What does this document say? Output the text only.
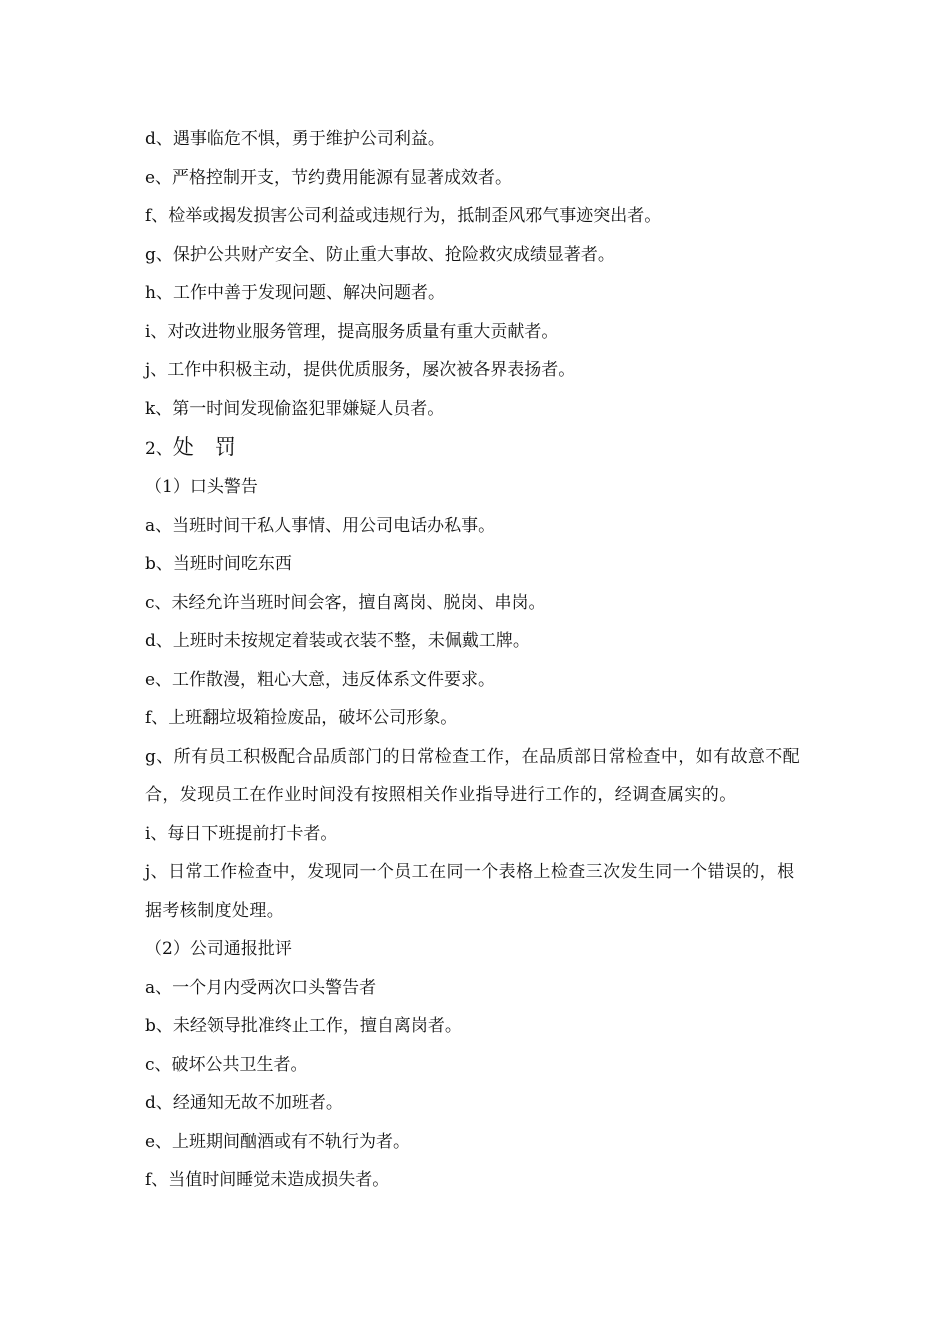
d、遇事临危不惧，勇于维护公司利益。
e、严格控制开支，节约费用能源有显著成效者。
f、检举或揭发损害公司利益或违规行为，抵制歪风邪气事迹突出者。
g、保护公共财产安全、防止重大事故、抢险救灾成绩显著者。
h、工作中善于发现问题、解决问题者。
i、对改进物业服务管理，提高服务质量有重大贡献者。
j、工作中积极主动，提供优质服务，屡次被各界表扬者。
k、第一时间发现偷盗犯罪嫌疑人员者。
2、处　罚
（1）口头警告
a、当班时间干私人事情、用公司电话办私事。
b、当班时间吃东西
c、未经允许当班时间会客，擅自离岗、脱岗、串岗。
d、上班时未按规定着装或衣装不整，未佩戴工牌。
e、工作散漫，粗心大意，违反体系文件要求。
f、上班翻垃圾箱捡废品，破坏公司形象。
g、所有员工积极配合品质部门的日常检查工作，在品质部日常检查中，如有故意不配合，发现员工在作业时间没有按照相关作业指导进行工作的，经调查属实的。
i、每日下班提前打卡者。
j、日常工作检查中，发现同一个员工在同一个表格上检查三次发生同一个错误的，根据考核制度处理。
（2）公司通报批评
a、一个月内受两次口头警告者
b、未经领导批准终止工作，擅自离岗者。
c、破坏公共卫生者。
d、经通知无故不加班者。
e、上班期间酗酒或有不轨行为者。
f、当值时间睡觉未造成损失者。
